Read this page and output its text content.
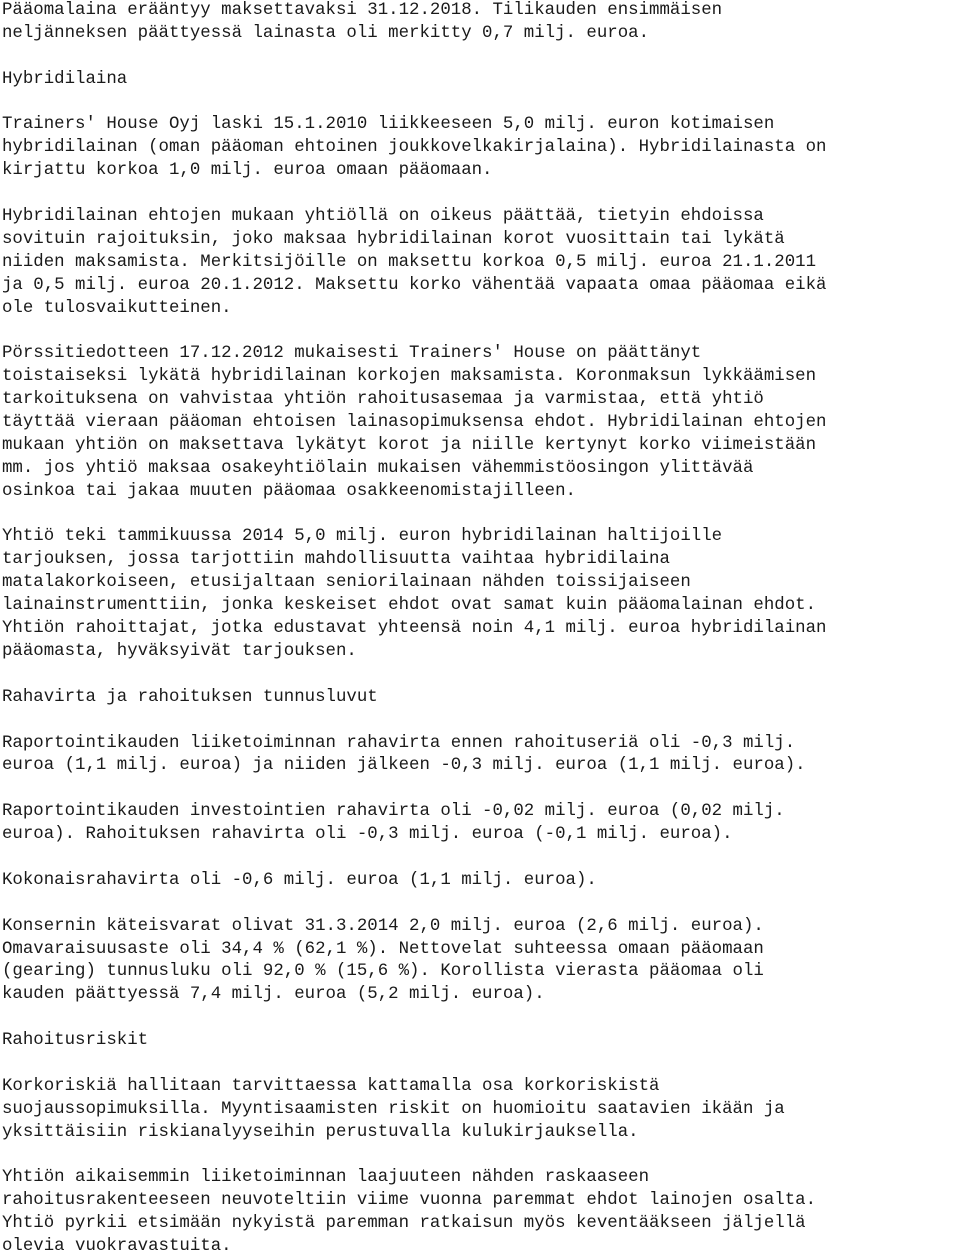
Pääomalaina erääntyy maksettavaksi 31.12.2018. Tilikauden ensimmäisen
neljänneksen päättyessä lainasta oli merkitty 0,7 milj. euroa.
Hybridilaina
Trainers' House Oyj laski 15.1.2010 liikkeeseen 5,0 milj. euron kotimaisen
hybridilainan (oman pääoman ehtoinen joukkovelkakirjalaina). Hybridilainasta on
kirjattu korkoa 1,0 milj. euroa omaan pääomaan.
Hybridilainan ehtojen mukaan yhtiöllä on oikeus päättää, tietyin ehdoissa
sovituin rajoituksin, joko maksaa hybridilainan korot vuosittain tai lykätä
niiden maksamista. Merkitsijöille on maksettu korkoa 0,5 milj. euroa 21.1.2011
ja 0,5 milj. euroa 20.1.2012. Maksettu korko vähentää vapaata omaa pääomaa eikä
ole tulosvaikutteinen.
Pörssitiedotteen 17.12.2012 mukaisesti Trainers' House on päättänyt
toistaiseksi lykätä hybridilainan korkojen maksamista. Koronmaksun lykkäämisen
tarkoituksena on vahvistaa yhtiön rahoitusasemaa ja varmistaa, että yhtiö
täyttää vieraan pääoman ehtoisen lainasopimuksensa ehdot. Hybridilainan ehtojen
mukaan yhtiön on maksettava lykätyt korot ja niille kertynyt korko viimeistään
mm. jos yhtiö maksaa osakeyhtiölain mukaisen vähemmistöosingon ylittävää
osinkoa tai jakaa muuten pääomaa osakkeenomistajilleen.
Yhtiö teki tammikuussa 2014 5,0 milj. euron hybridilainan haltijoille
tarjouksen, jossa tarjottiin mahdollisuutta vaihtaa hybridilaina
matalakorkoiseen, etusijaltaan seniorilainaan nähden toissijaiseen
lainainstrumenttiin, jonka keskeiset ehdot ovat samat kuin pääomalainan ehdot.
Yhtiön rahoittajat, jotka edustavat yhteensä noin 4,1 milj. euroa hybridilainan
pääomasta, hyväksyivät tarjouksen.
Rahavirta ja rahoituksen tunnusluvut
Raportointikauden liiketoiminnan rahavirta ennen rahoituseriä oli -0,3 milj.
euroa (1,1 milj. euroa) ja niiden jälkeen -0,3 milj. euroa (1,1 milj. euroa).
Raportointikauden investointien rahavirta oli -0,02 milj. euroa (0,02 milj.
euroa). Rahoituksen rahavirta oli -0,3 milj. euroa (-0,1 milj. euroa).
Kokonaisrahavirta oli -0,6 milj. euroa (1,1 milj. euroa).
Konsernin käteisvarat olivat 31.3.2014 2,0 milj. euroa (2,6 milj. euroa).
Omavaraisuusaste oli 34,4 % (62,1 %). Nettovelat suhteessa omaan pääomaan
(gearing) tunnusluku oli 92,0 % (15,6 %). Korollista vierasta pääomaa oli
kauden päättyessä 7,4 milj. euroa (5,2 milj. euroa).
Rahoitusriskit
Korkoriskiä hallitaan tarvittaessa kattamalla osa korkoriskistä
suojaussopimuksilla. Myyntisaamisten riskit on huomioitu saatavien ikään ja
yksittäisiin riskianalyyseihin perustuvalla kulukirjauksella.
Yhtiön aikaisemmin liiketoiminnan laajuuteen nähden raskaaseen
rahoitusrakenteeseen neuvoteltiin viime vuonna paremmat ehdot lainojen osalta.
Yhtiö pyrkii etsimään nykyistä paremman ratkaisun myös keventääkseen jäljellä
olevia vuokravastuita.
